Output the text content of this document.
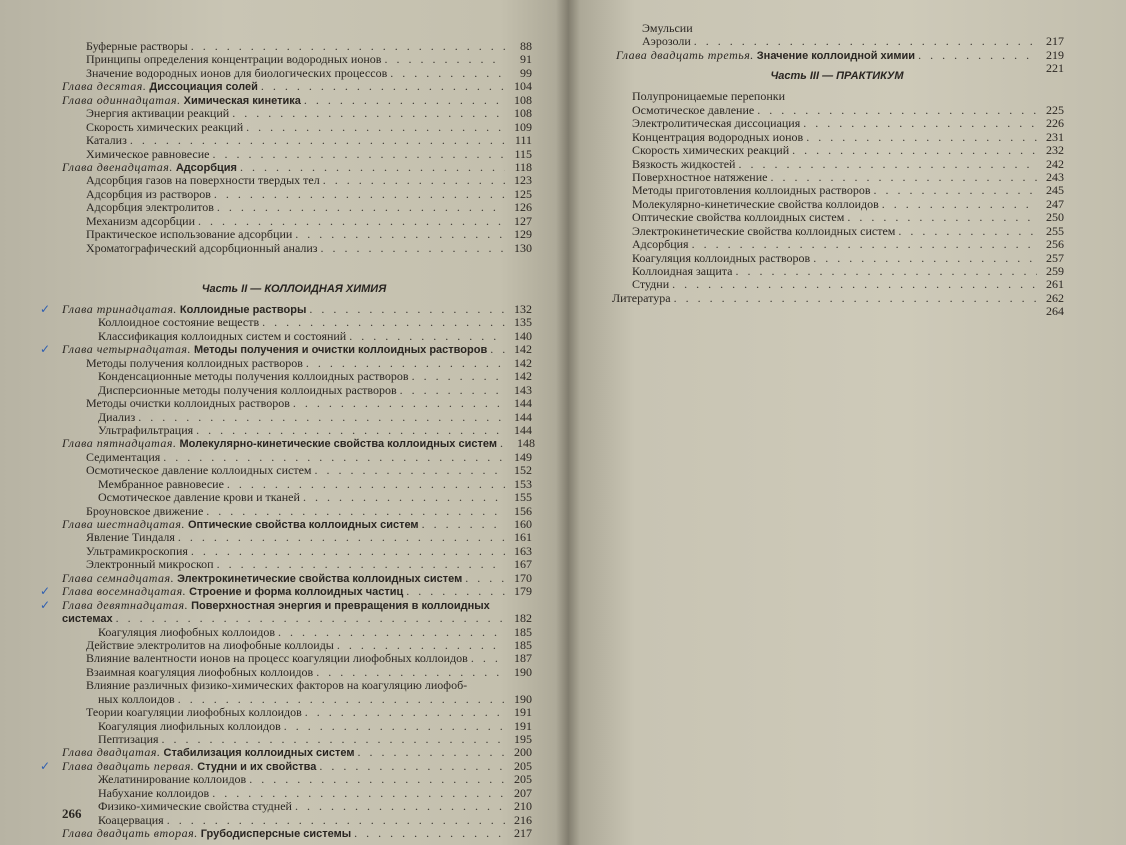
Буферные растворы . . .	88
Принципы определения концентрации водородных ионов . . .	91
Значение водородных ионов для биологических процессов . . .	99
Глава десятая. Диссоциация солей . . .	104
Глава одиннадцатая. Химическая кинетика . . .	108
Энергия активации реакций . . .	108
Скорость химических реакций . . .	109
Катализ . . .	111
Химическое равновесие . . .	115
Глава двенадцатая. Адсорбция . . .	118
Адсорбция газов на поверхности твердых тел . . .	123
Адсорбция из растворов . . .	125
Адсорбция электролитов . . .	126
Механизм адсорбции . . .	127
Практическое использование адсорбции . . .	129
Хроматографический адсорбционный анализ . . .	130
Часть II — КОЛЛОИДНАЯ ХИМИЯ
✓ Глава тринадцатая. Коллоидные растворы . . .	132
Коллоидное состояние веществ . . .	135
Классификация коллоидных систем и состояний . . .	140
✓ Глава четырнадцатая. Методы получения и очистки коллоидных растворов . . .	142
Методы получения коллоидных растворов . . .	142
Конденсационные методы получения коллоидных растворов . . .	142
Дисперсионные методы получения коллоидных растворов . . .	143
Методы очистки коллоидных растворов . . .	144
Диализ . . .	144
Ультрафильтрация . . .	144
Глава пятнадцатая. Молекулярно-кинетические свойства коллоидных систем . . .	148
Седиментация . . .	149
Осмотическое давление коллоидных систем . . .	152
Мембранное равновесие . . .	153
Осмотическое давление крови и тканей . . .	155
Броуновское движение . . .	156
Глава шестнадцатая. Оптические свойства коллоидных систем . . .	160
Явление Тиндаля . . .	161
Ультрамикроскопия . . .	163
Электронный микроскоп . . .	167
Глава семнадцатая. Электрокинетические свойства коллоидных систем . . .	170
✓ Глава восемнадцатая. Строение и форма коллоидных частиц . . .	179
✓ Глава девятнадцатая. Поверхностная энергия и превращения в коллоидных
системах . . .	182
Коагуляция лиофобных коллоидов . . .	185
Действие электролитов на лиофобные коллоиды . . .	185
Влияние валентности ионов на процесс коагуляции лиофобных коллоидов . . .	187
Взаимная коагуляция лиофобных коллоидов . . .	190
Влияние различных физико-химических факторов на коагуляцию лиофоб-
ных коллоидов . . .	190
Теории коагуляции лиофобных коллоидов . . .	191
Коагуляция лиофильных коллоидов . . .	191
Пептизация . . .	195
Глава двадцатая. Стабилизация коллоидных систем . . .	200
✓ Глава двадцать первая. Студни и их свойства . . .	205
Желатинирование коллоидов . . .	205
Набухание коллоидов . . .	207
Физико-химические свойства студней . . .	210
Коацервация . . .	216
Глава двадцать вторая. Грубодисперсные системы . . .	217
266
Эмульсии
Аэрозоли . . .	217
Глава двадцать третья. Значение коллоидной химии . . .	219
Часть III — ПРАКТИКУМ
221
Полупроницаемые перепонки
Осмотическое давление . . .	225
Электролитическая диссоциация . . .	226
Концентрация водородных ионов . . .	231
Скорость химических реакций . . .	232
Вязкость жидкостей . . .	242
Поверхностное натяжение . . .	243
Методы приготовления коллоидных растворов . . .	245
Молекулярно-кинетические свойства коллоидов . . .	247
Оптические свойства коллоидных систем . . .	250
Электрокинетические свойства коллоидных систем . . .	255
Адсорбция . . .	256
Коагуляция коллоидных растворов . . .	257
Коллоидная защита . . .	259
Студни . . .	261
Литература . . .	262
264
